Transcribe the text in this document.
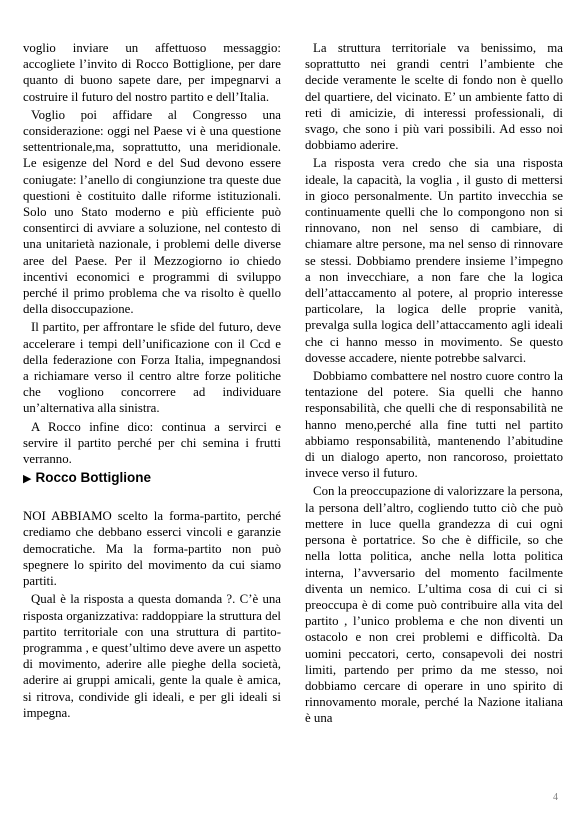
voglio inviare un affettuoso messaggio: accogliete l’invito di Rocco Bottiglione, per dare quanto di buono sapete dare, per impegnarvi a costruire il futuro del nostro partito e dell’Italia.

Voglio poi affidare al Congresso una considerazione: oggi nel Paese vi è una questione settentrionale,ma, soprattutto, una meridionale. Le esigenze del Nord e del Sud devono essere coniugate: l’anello di congiunzione tra queste due questioni è costituito dalle riforme istituzionali. Solo uno Stato moderno e più efficiente può consentirci di avviare a soluzione, nel contesto di una unitarietà nazionale, i problemi delle diverse aree del Paese. Per il Mezzogiorno io chiedo incentivi economici e programmi di sviluppo perché il primo problema che va risolto è quello della disoccupazione.

Il partito, per affrontare le sfide del futuro, deve accelerare i tempi dell’unificazione con il Ccd e della federazione con Forza Italia, impegnandosi a richiamare verso il centro altre forze politiche che vogliono concorrere ad individuare un’alternativa alla sinistra.

A Rocco infine dico: continua a servirci e servire il partito perché per chi semina i frutti verranno.

▶ Rocco Bottiglione

NOI ABBIAMO scelto la forma-partito, perché crediamo che debbano esserci vincoli e garanzie democratiche. Ma la forma-partito non può spegnere lo spirito del movimento da cui siamo partiti.

Qual è la risposta a questa domanda ?. C’è una risposta organizzativa: raddoppiare la struttura del partito territoriale con una struttura di partito-programma , e quest’ultimo deve avere un aspetto di movimento, aderire alle pieghe della società, aderire ai gruppi amicali, gente la quale è amica, si ritrova, condivide gli ideali, e per gli ideali si impegna.

La struttura territoriale va benissimo, ma soprattutto nei grandi centri l’ambiente che decide veramente le scelte di fondo non è quello del quartiere, del vicinato. E’ un ambiente fatto di reti di amicizie, di interessi professionali, di svago, che sono i più vari possibili. Ad esso noi dobbiamo aderire.

La risposta vera credo che sia una risposta ideale, la capacità, la voglia , il gusto di mettersi in gioco personalmente. Un partito invecchia se continuamente quelli che lo compongono non si rinnovano, non nel senso di cambiare, di chiamare altre persone, ma nel senso di rinnovare se stessi. Dobbiamo prendere insieme l’impegno a non invecchiare, a non fare che la logica dell’attaccamento al potere, al proprio interesse particolare, la logica delle proprie vanità, prevalga sulla logica dell’attaccamento agli ideali che ci hanno messo in movimento. Se questo dovesse accadere, niente potrebbe salvarci.

Dobbiamo combattere nel nostro cuore contro la tentazione del potere. Sia quelli che hanno responsabilità, che quelli che di responsabilità ne hanno meno,perché alla fine tutti nel partito abbiamo responsabilità, mantenendo l’abitudine di un dialogo aperto, non rancoroso, proiettato invece verso il futuro.

Con la preoccupazione di valorizzare la persona, la persona dell’altro, cogliendo tutto ciò che può mettere in luce quella grandezza di cui ogni persona è portatrice. So che è difficile, so che nella lotta politica, anche nella lotta politica interna, l’avversario del momento facilmente diventa un nemico. L’ultima cosa di cui ci si preoccupa è di come può contribuire alla vita del partito , l’unico problema e che non diventi un ostacolo e non crei problemi e difficoltà. Da uomini peccatori, certo, consapevoli dei nostri limiti, partendo per primo da me stesso, noi dobbiamo cercare di operare in uno spirito di rinnovamento morale, perché la Nazione italiana è una

4
